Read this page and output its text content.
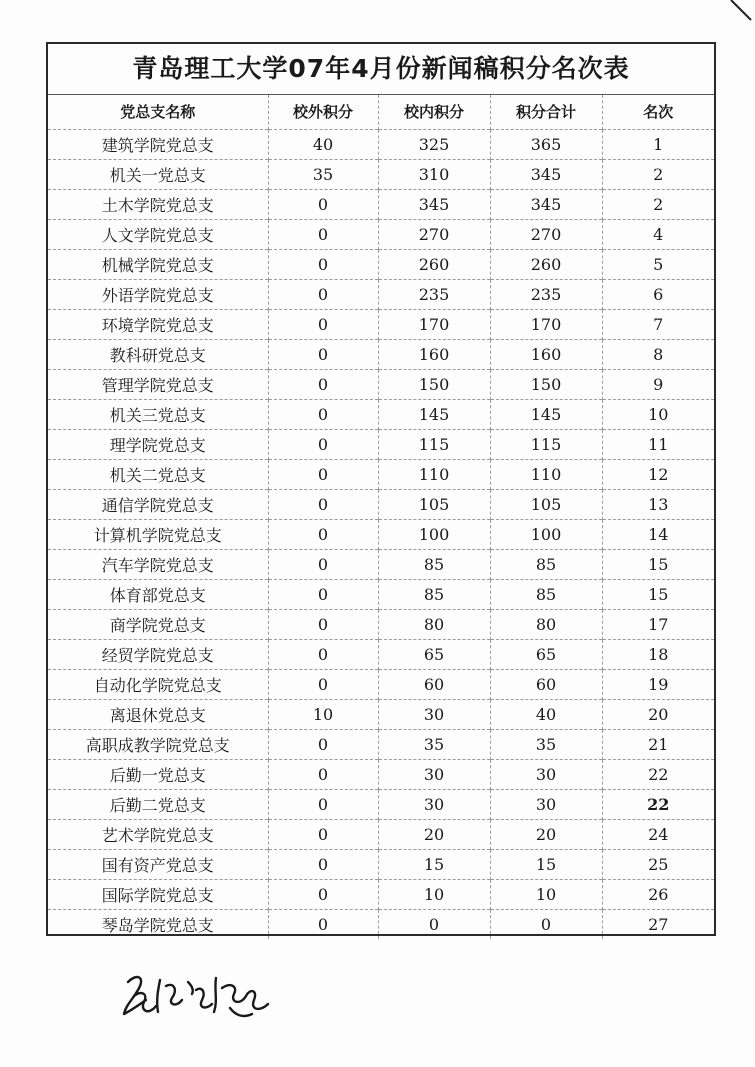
青岛理工大学07年4月份新闻稿积分名次表
党总支名称	校外积分	校内积分	积分合计	名次
建筑学院党总支	40	325	365	1
机关一党总支	35	310	345	2
土木学院党总支	0	345	345	2
人文学院党总支	0	270	270	4
机械学院党总支	0	260	260	5
外语学院党总支	0	235	235	6
环境学院党总支	0	170	170	7
教科研党总支	0	160	160	8
管理学院党总支	0	150	150	9
机关三党总支	0	145	145	10
理学院党总支	0	115	115	11
机关二党总支	0	110	110	12
通信学院党总支	0	105	105	13
计算机学院党总支	0	100	100	14
汽车学院党总支	0	85	85	15
体育部党总支	0	85	85	15
商学院党总支	0	80	80	17
经贸学院党总支	0	65	65	18
自动化学院党总支	0	60	60	19
离退休党总支	10	30	40	20
高职成教学院党总支	0	35	35	21
后勤一党总支	0	30	30	22
后勤二党总支	0	30	30	22
艺术学院党总支	0	20	20	24
国有资产党总支	0	15	15	25
国际学院党总支	0	10	10	26
琴岛学院党总支	0	0	0	27
